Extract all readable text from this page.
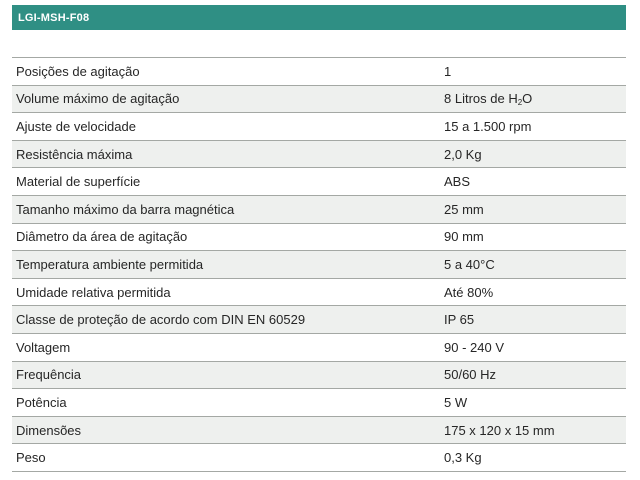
LGI-MSH-F08
Posições de agitação	1
Volume máximo de agitação	8 Litros de $H_2O$
Ajuste de velocidade	15 a 1.500 rpm
Resistência máxima	2,0 Kg
Material de superfície	ABS
Tamanho máximo da barra magnética	25 mm
Diâmetro da área de agitação	90 mm
Temperatura ambiente permitida	5 a 40°C
Umidade relativa permitida	Até 80%
Classe de proteção de acordo com DIN EN 60529	IP 65
Voltagem	90 - 240 V
Frequência	50/60 Hz
Potência	5 W
Dimensões	175 x 120 x 15 mm
Peso	0,3 Kg
